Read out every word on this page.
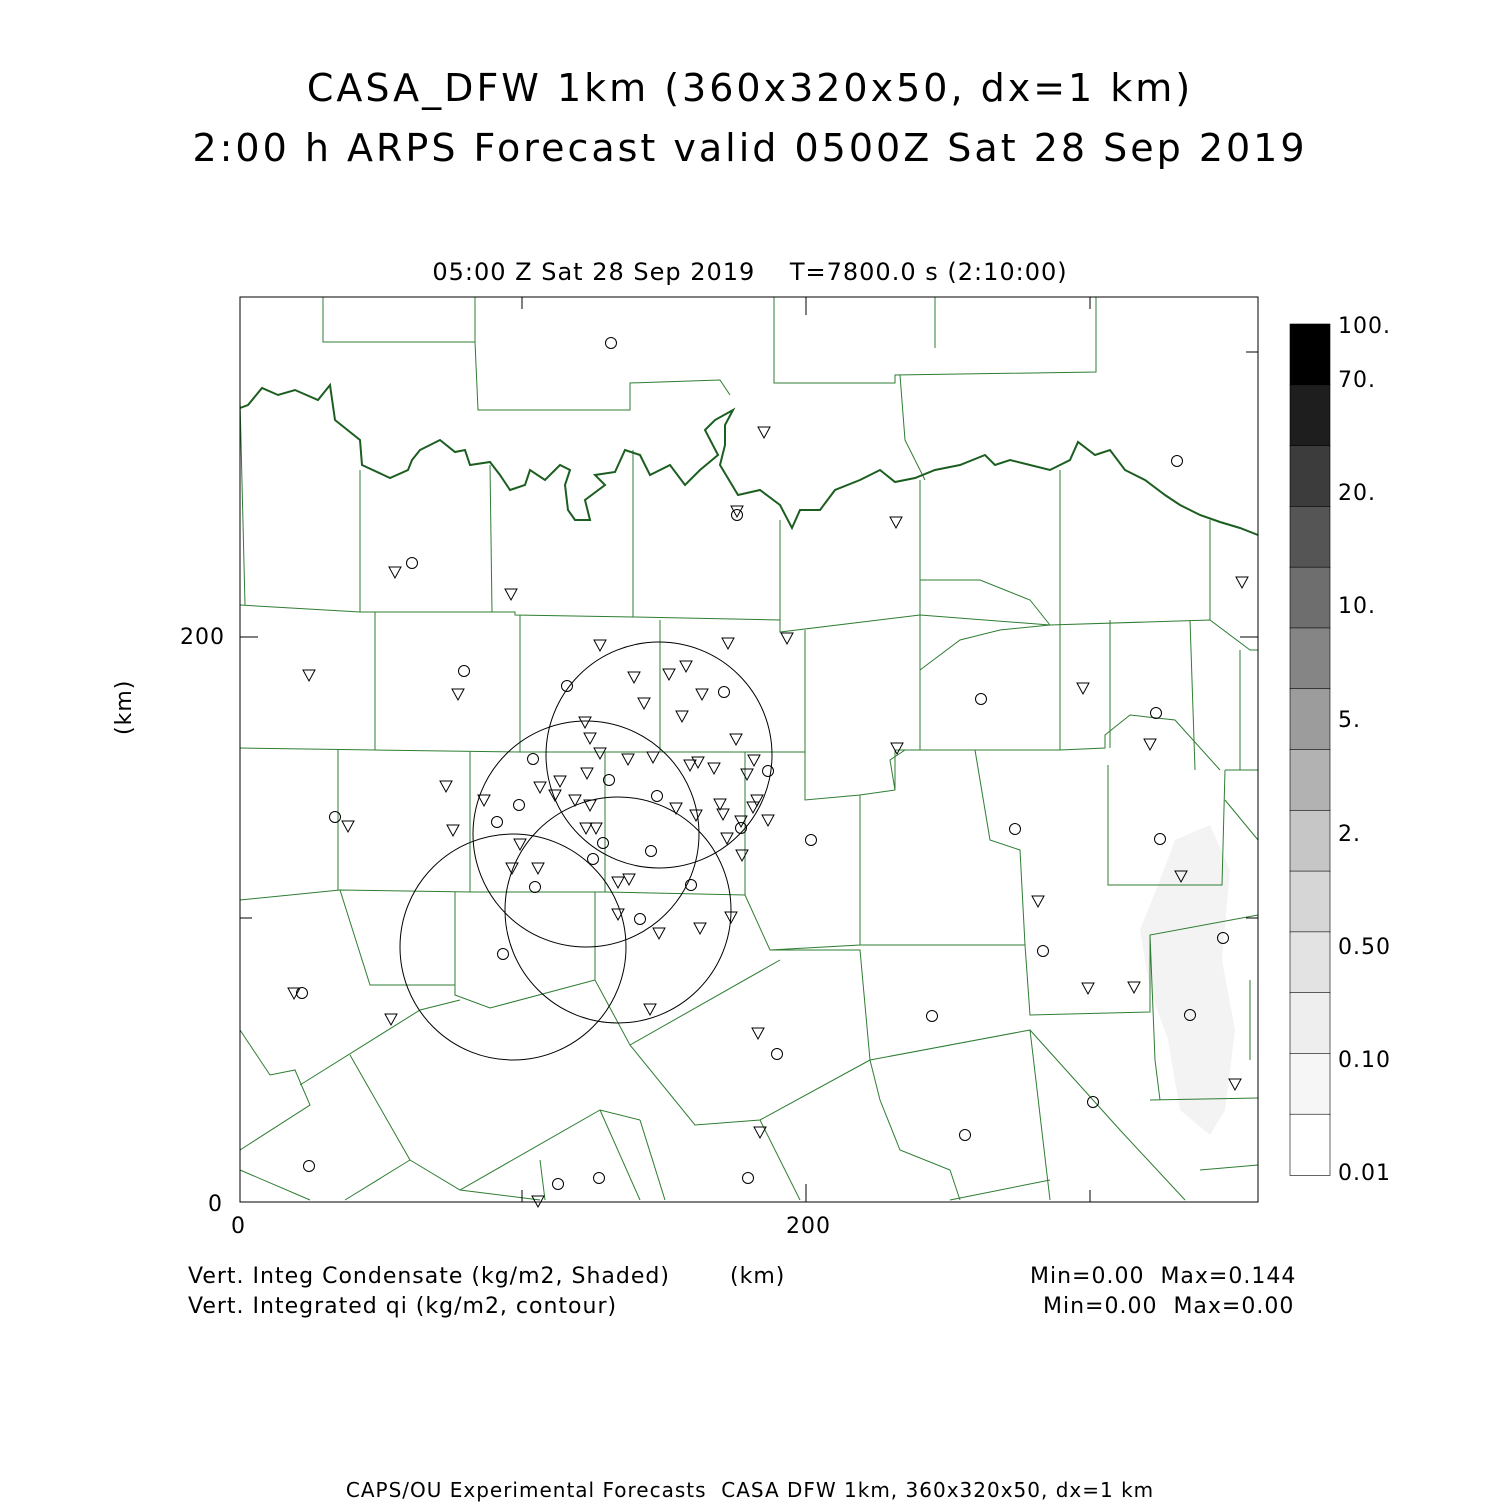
CASA_DFW 1km (360x320x50, dx=1 km)
2:00 h ARPS Forecast valid 0500Z Sat 28 Sep 2019
05:00 Z Sat 28 Sep 2019    T=7800.0 s (2:10:00)
(km)
200
0
0	200
(km)
100.
70.
20.
10.
5.
2.
0.50
0.10
0.01
Vert. Integ Condensate (kg/m2, Shaded)
Vert. Integrated qi (kg/m2, contour)
Min=0.00  Max=0.144
Min=0.00  Max=0.00
CAPS/OU Experimental Forecasts  CASA DFW 1km, 360x320x50, dx=1 km
